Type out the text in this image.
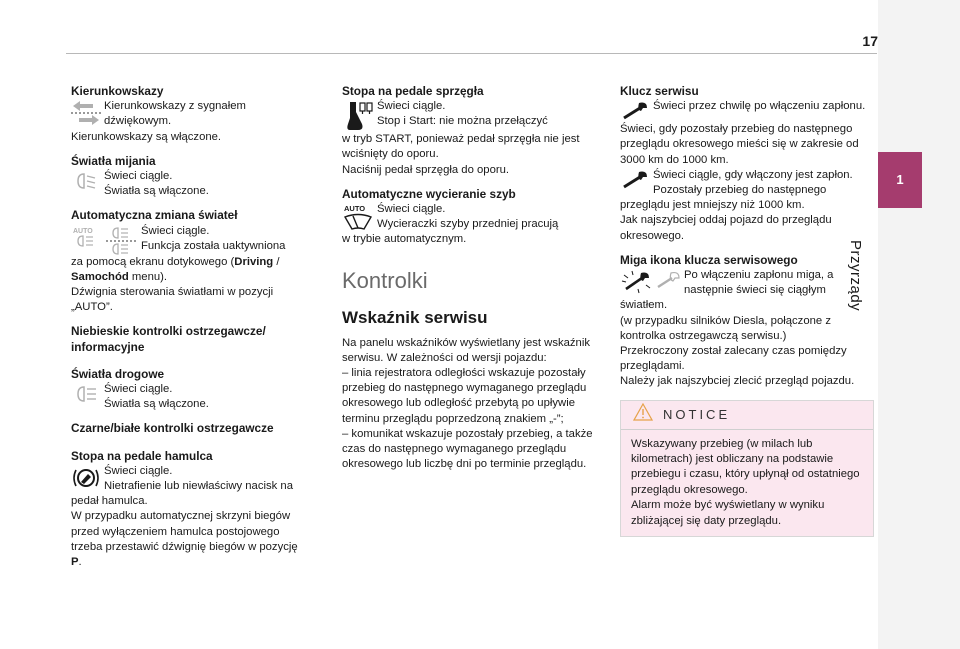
17
1
Przyrządy

Kierunkowskazy

Kierunkowskazy z sygnałem dźwiękowym.

Kierunkowskazy są włączone.

Światła mijania

Świeci ciągle.

Światła są włączone.

Automatyczna zmiana świateł

AUTO	Świeci ciągle.

Funkcja została uaktywniona

za pomocą ekranu dotykowego (Driving /

Samochód menu).

Dźwignia sterowania światłami w pozycji „AUTO”.

Niebieskie kontrolki ostrzegawcze/ informacyjne

Światła drogowe

Świeci ciągle.

Światła są włączone.

Czarne/białe kontrolki ostrzegawcze

Stopa na pedale hamulca

Świeci ciągle.

Nietrafienie lub niewłaściwy nacisk na

pedał hamulca.

W przypadku automatycznej skrzyni biegów przed wyłączeniem hamulca postojowego trzeba przestawić dźwignię biegów w pozycję P.

Stopa na pedale sprzęgła

Świeci ciągle.

Stop i Start: nie można przełączyć

w tryb START, ponieważ pedał sprzęgła nie jest wciśnięty do oporu.

Naciśnij pedał sprzęgła do oporu.

Automatyczne wycieranie szyb

AUTO Świeci ciągle.

Wycieraczki szyby przedniej pracują

w trybie automatycznym.

Kontrolki

Wskaźnik serwisu

Na panelu wskaźników wyświetlany jest wskaźnik serwisu. W zależności od wersji pojazdu:

– linia rejestratora odległości wskazuje pozostały przebieg do następnego wymaganego przeglądu okresowego lub odległość przebytą po upływie terminu przeglądu poprzedzoną znakiem „-”;

– komunikat wskazuje pozostały przebieg, a także czas do następnego wymaganego przeglądu okresowego lub liczbę dni po terminie przeglądu.

Klucz serwisu

Świeci przez chwilę po włączeniu zapłonu.

Świeci, gdy pozostały przebieg do następnego przeglądu okresowego mieści się w zakresie od 3000 km do 1000 km.

Świeci ciągle, gdy włączony jest zapłon. Pozostały przebieg do następnego

przeglądu jest mniejszy niż 1000 km.

Jak najszybciej oddaj pojazd do przeglądu okresowego.

Miga ikona klucza serwisowego

Po włączeniu zapłonu miga, a następnie świeci się ciągłym

światłem.

(w przypadku silników Diesla, połączone z kontrolka ostrzegawczą serwisu.)

Przekroczony został zalecany czas pomiędzy przeglądami.

Należy jak najszybciej zlecić przegląd pojazdu.

NOTICE

Wskazywany przebieg (w milach lub kilometrach) jest obliczany na podstawie przebiegu i czasu, który upłynął od ostatniego przeglądu okresowego.

Alarm może być wyświetlany w wyniku zbliżającej się daty przeglądu.
